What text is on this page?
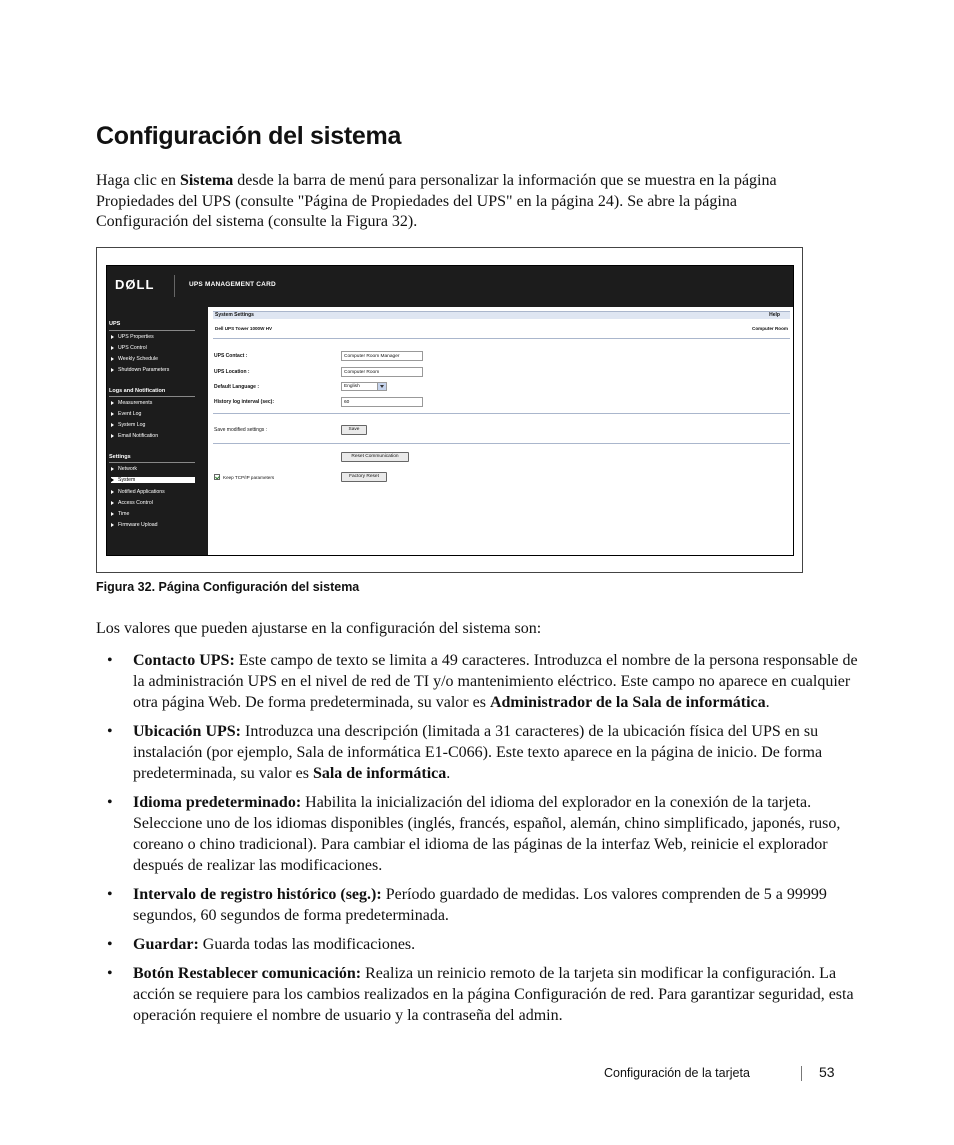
Configuración del sistema

Haga clic en Sistema desde la barra de menú para personalizar la información que se muestra en la página Propiedades del UPS (consulte "Página de Propiedades del UPS" en la página 24). Se abre la página Configuración del sistema (consulte la Figura 32).

DØLL	UPS MANAGEMENT CARD
UPS
UPS Properties
UPS Control
Weekly Schedule
Shutdown Parameters
Logs and Notification
Measurements
Event Log
System Log
Email Notification
Settings
Network
System
Notified Applications
Access Control
Time
Firmware Upload
System Settings	Help
Dell UPS Tower 1000W HV	Computer Room
UPS Contact :	Computer Room Manager
UPS Location :	Computer Room
Default Language :	English
History log interval (sec):	60
Save modified settings :	Save
Reset Communication
Keep TCP/IP parameters	Factory Reset

Figura 32. Página Configuración del sistema

Los valores que pueden ajustarse en la configuración del sistema son:

• Contacto UPS: Este campo de texto se limita a 49 caracteres. Introduzca el nombre de la persona responsable de la administración UPS en el nivel de red de TI y/o mantenimiento eléctrico. Este campo no aparece en cualquier otra página Web. De forma predeterminada, su valor es Administrador de la Sala de informática.
• Ubicación UPS: Introduzca una descripción (limitada a 31 caracteres) de la ubicación física del UPS en su instalación (por ejemplo, Sala de informática E1-C066). Este texto aparece en la página de inicio. De forma predeterminada, su valor es Sala de informática.
• Idioma predeterminado: Habilita la inicialización del idioma del explorador en la conexión de la tarjeta. Seleccione uno de los idiomas disponibles (inglés, francés, español, alemán, chino simplificado, japonés, ruso, coreano o chino tradicional). Para cambiar el idioma de las páginas de la interfaz Web, reinicie el explorador después de realizar las modificaciones.
• Intervalo de registro histórico (seg.): Período guardado de medidas. Los valores comprenden de 5 a 99999 segundos, 60 segundos de forma predeterminada.
• Guardar: Guarda todas las modificaciones.
• Botón Restablecer comunicación: Realiza un reinicio remoto de la tarjeta sin modificar la configuración. La acción se requiere para los cambios realizados en la página Configuración de red. Para garantizar seguridad, esta operación requiere el nombre de usuario y la contraseña del admin.
Configuración de la tarjeta	53
